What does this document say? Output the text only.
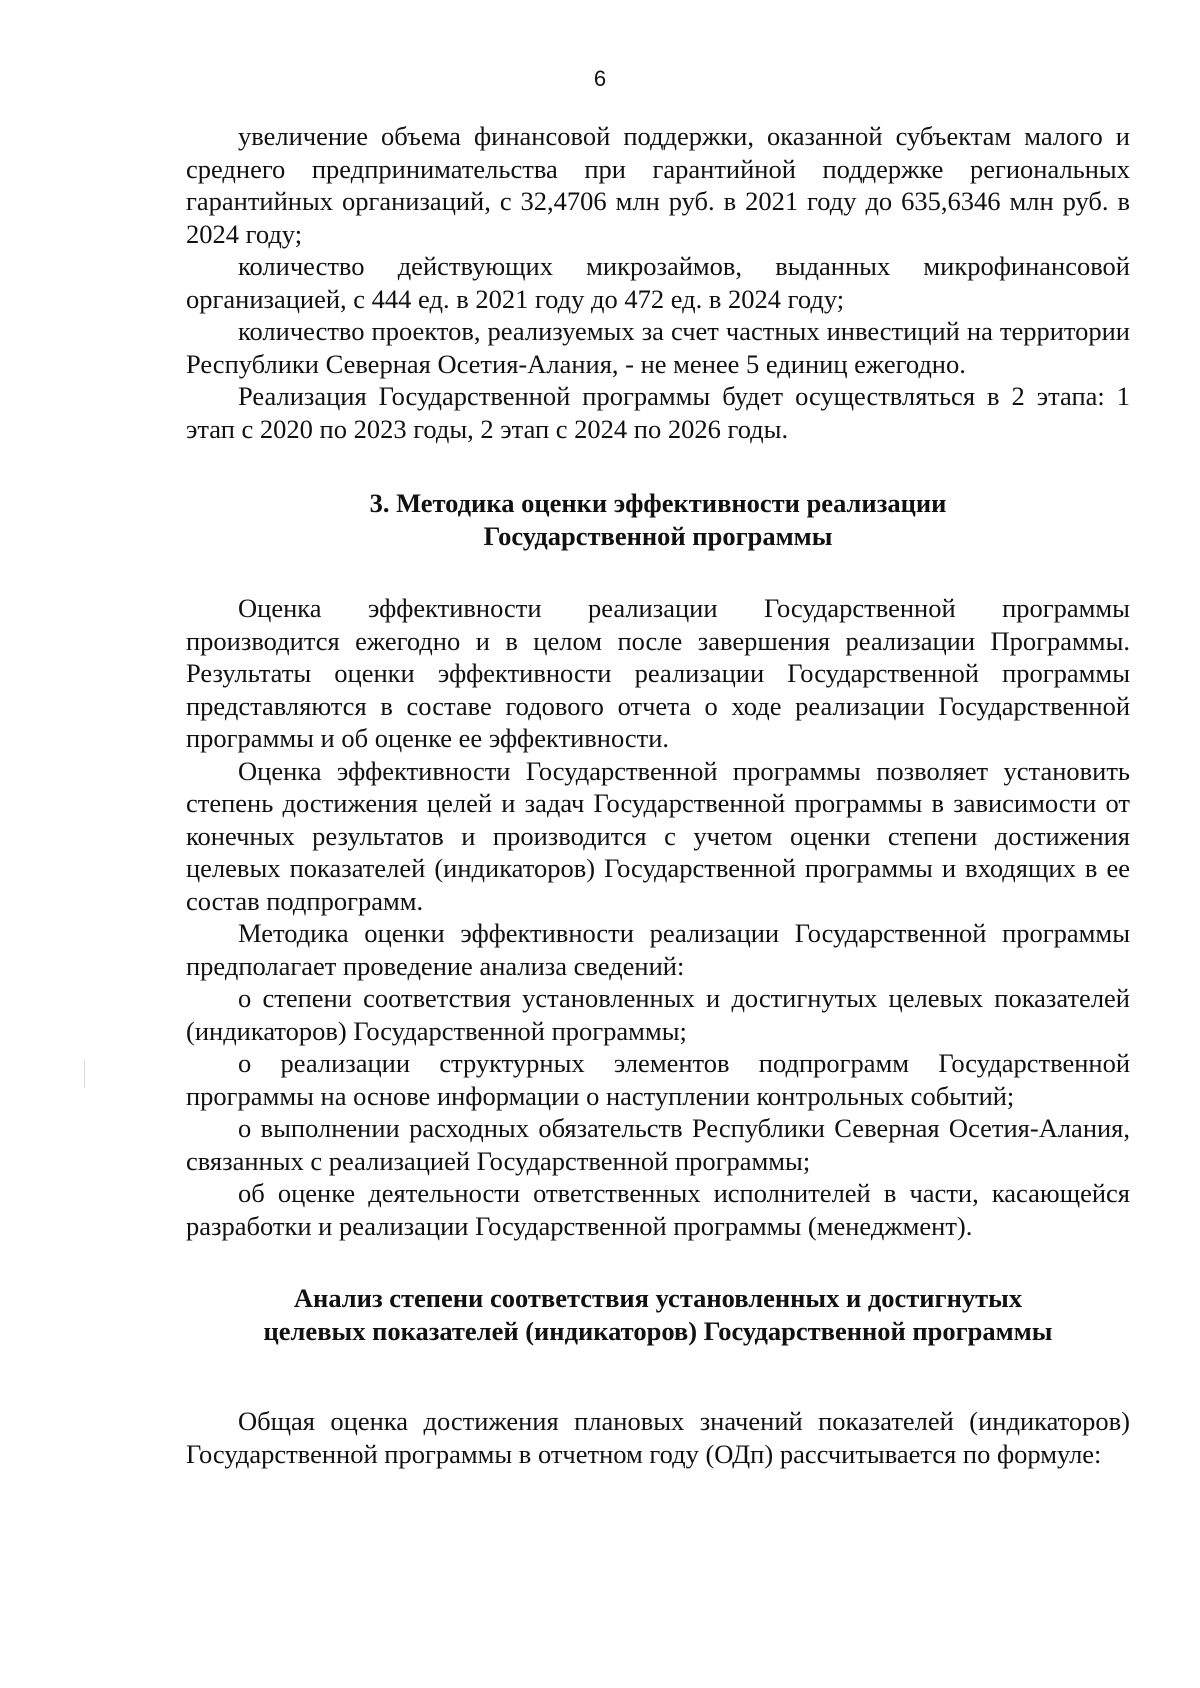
6

увеличение объема финансовой поддержки, оказанной субъектам малого и среднего предпринимательства при гарантийной поддержке региональных гарантийных организаций, с 32,4706 млн руб. в 2021 году до 635,6346 млн руб. в 2024 году;

количество действующих микрозаймов, выданных микрофинансовой организацией, с 444 ед. в 2021 году до 472 ед. в 2024 году;

количество проектов, реализуемых за счет частных инвестиций на территории Республики Северная Осетия-Алания, - не менее 5 единиц ежегодно.

Реализация Государственной программы будет осуществляться в 2 этапа: 1 этап с 2020 по 2023 годы, 2 этап с 2024 по 2026 годы.

3. Методика оценки эффективности реализации
Государственной программы

Оценка эффективности реализации Государственной программы производится ежегодно и в целом после завершения реализации Программы. Результаты оценки эффективности реализации Государственной программы представляются в составе годового отчета о ходе реализации Государственной программы и об оценке ее эффективности.

Оценка эффективности Государственной программы позволяет установить степень достижения целей и задач Государственной программы в зависимости от конечных результатов и производится с учетом оценки степени достижения целевых показателей (индикаторов) Государственной программы и входящих в ее состав подпрограмм.

Методика оценки эффективности реализации Государственной программы предполагает проведение анализа сведений:

о степени соответствия установленных и достигнутых целевых показателей (индикаторов) Государственной программы;

о реализации структурных элементов подпрограмм Государственной программы на основе информации о наступлении контрольных событий;

о выполнении расходных обязательств Республики Северная Осетия-Алания, связанных с реализацией Государственной программы;

об оценке деятельности ответственных исполнителей в части, касающейся разработки и реализации Государственной программы (менеджмент).

Анализ степени соответствия установленных и достигнутых
целевых показателей (индикаторов) Государственной программы

Общая оценка достижения плановых значений показателей (индикаторов) Государственной программы в отчетном году (ОДп) рассчитывается по формуле:
